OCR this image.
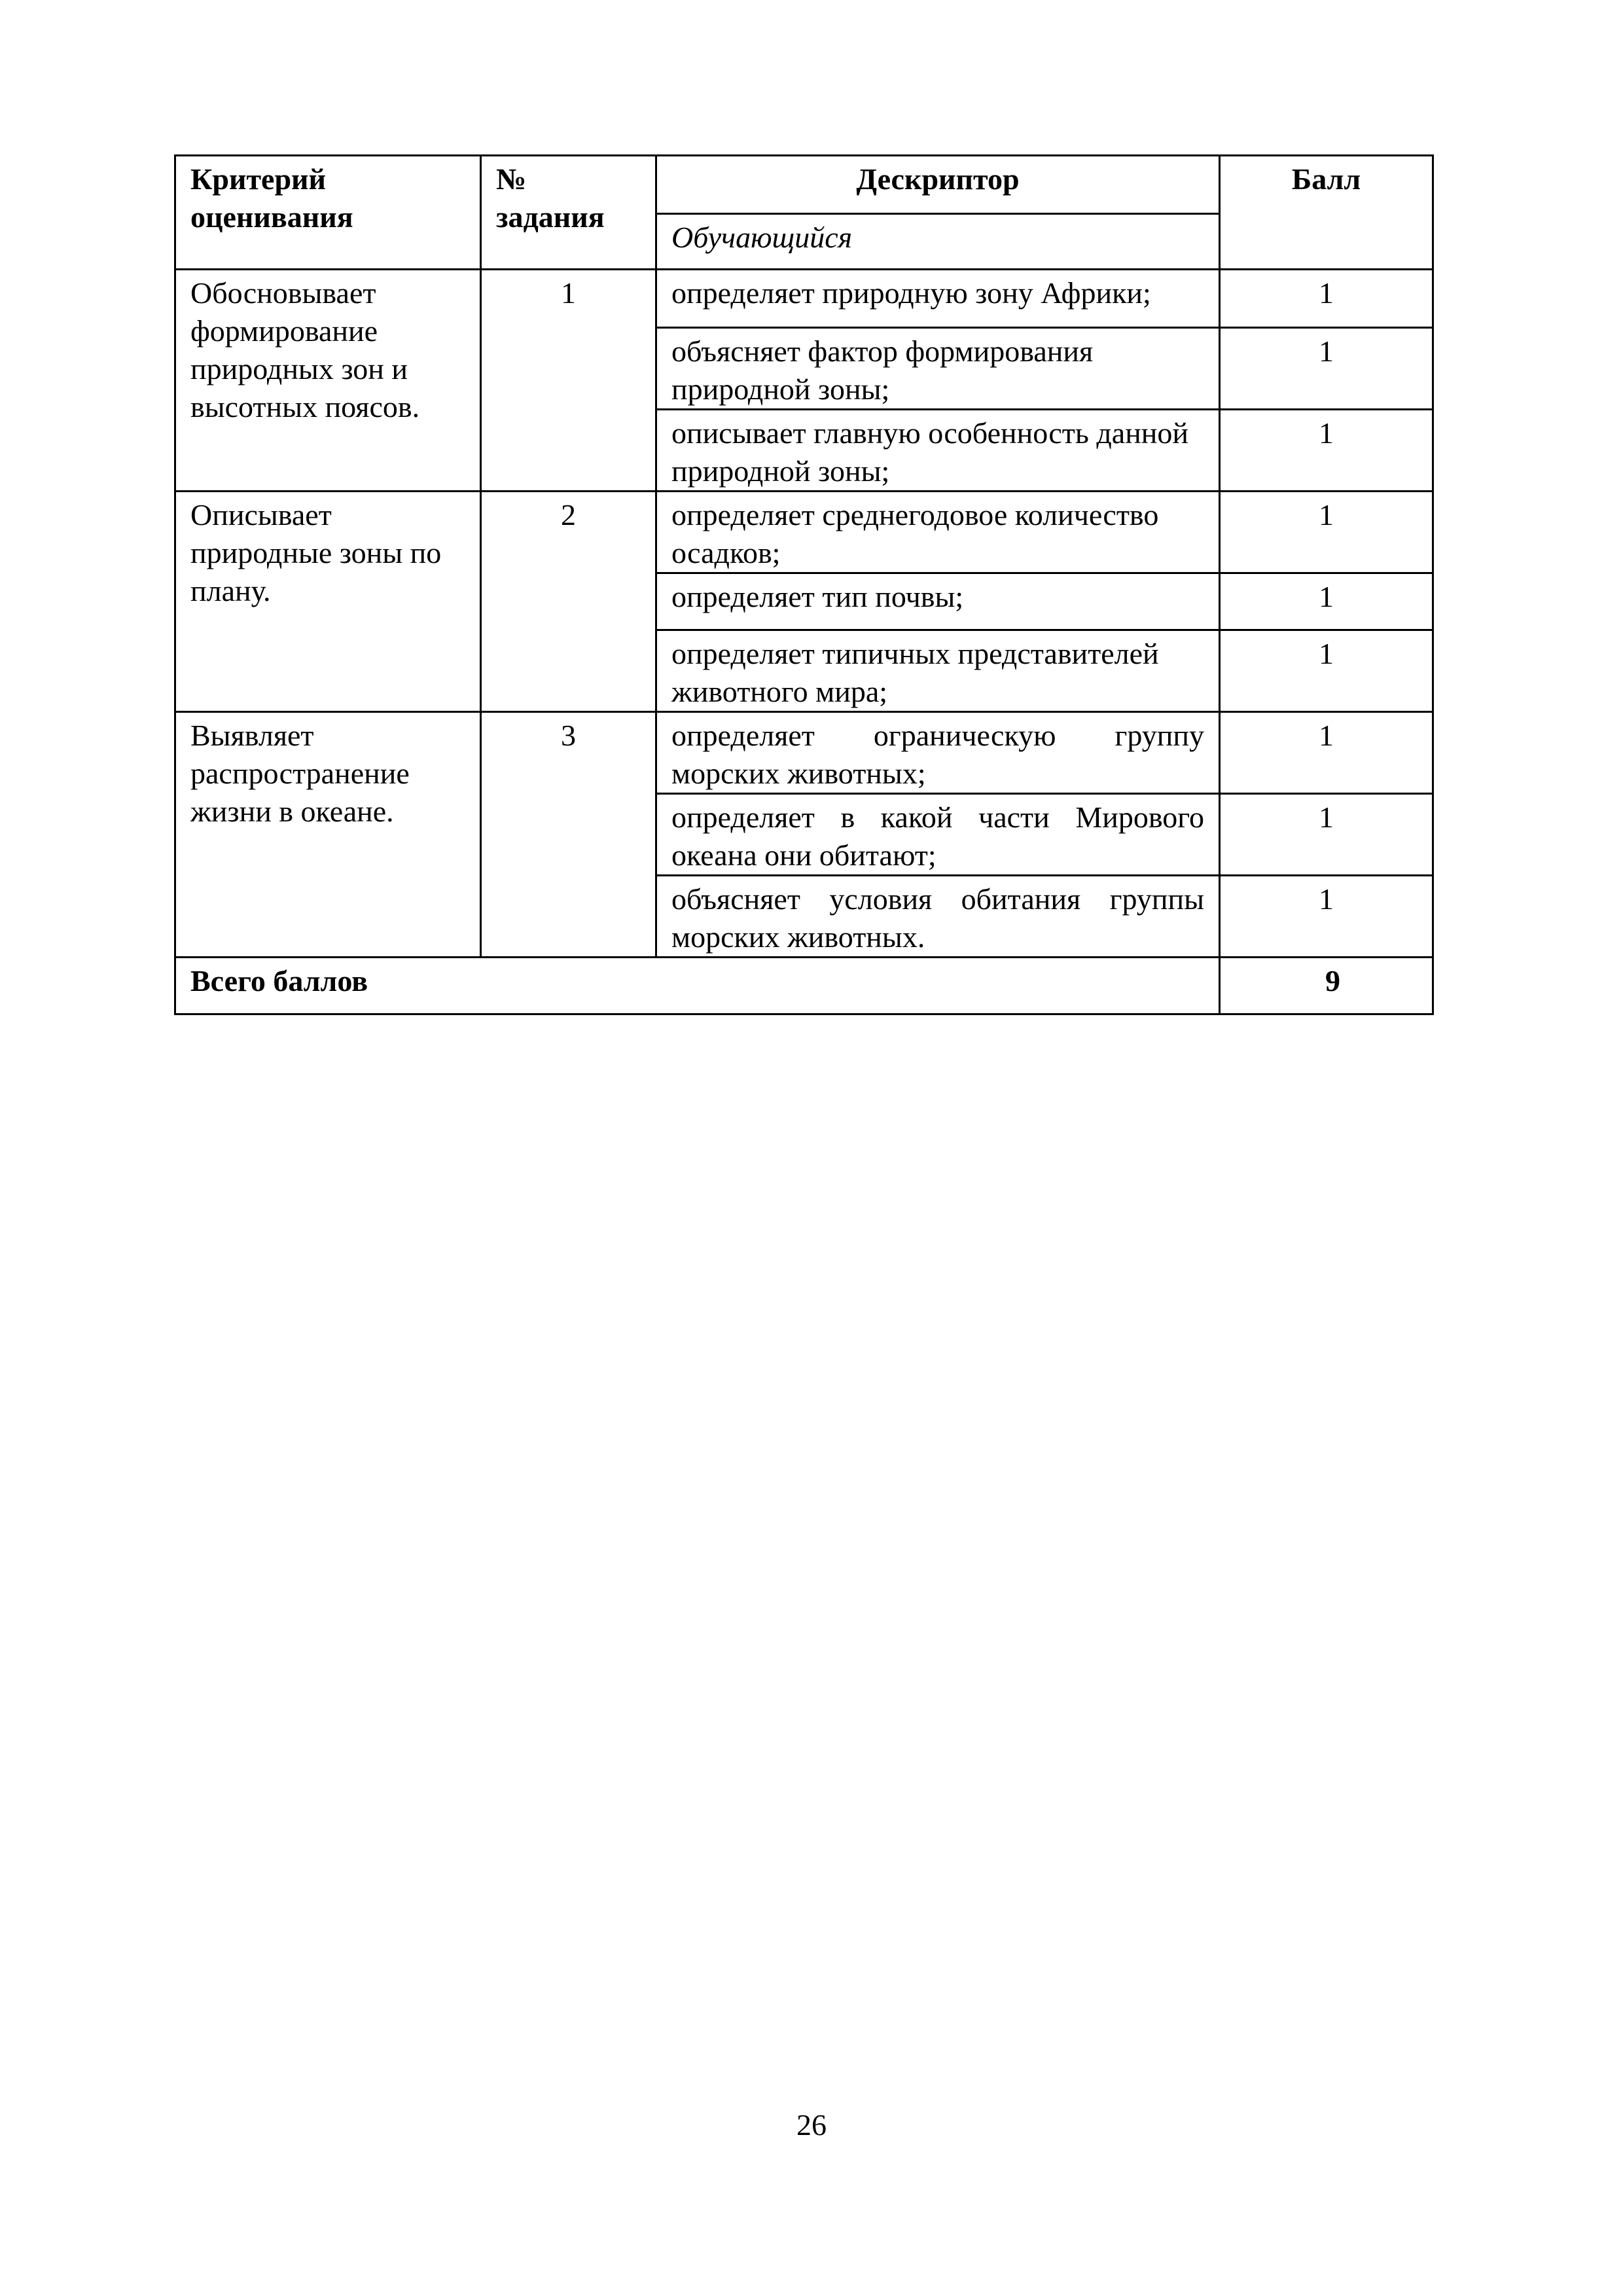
Критерий оценивания	№ задания	Дескриптор	Балл
		Обучающийся	
Обосновывает формирование природных зон и высотных поясов.	1	определяет природную зону Африки;	1
		объясняет фактор формирования природной зоны;	1
		описывает главную особенность данной природной зоны;	1
Описывает природные зоны по плану.	2	определяет среднегодовое количество осадков;	1
		определяет тип почвы;	1
		определяет типичных представителей животного мира;	1
Выявляет распространение жизни в океане.	3	определяет ограническую группу морских животных;	1
		определяет в какой части Мирового океана они обитают;	1
		объясняет условия обитания группы морских животных.	1
Всего баллов			9
26
